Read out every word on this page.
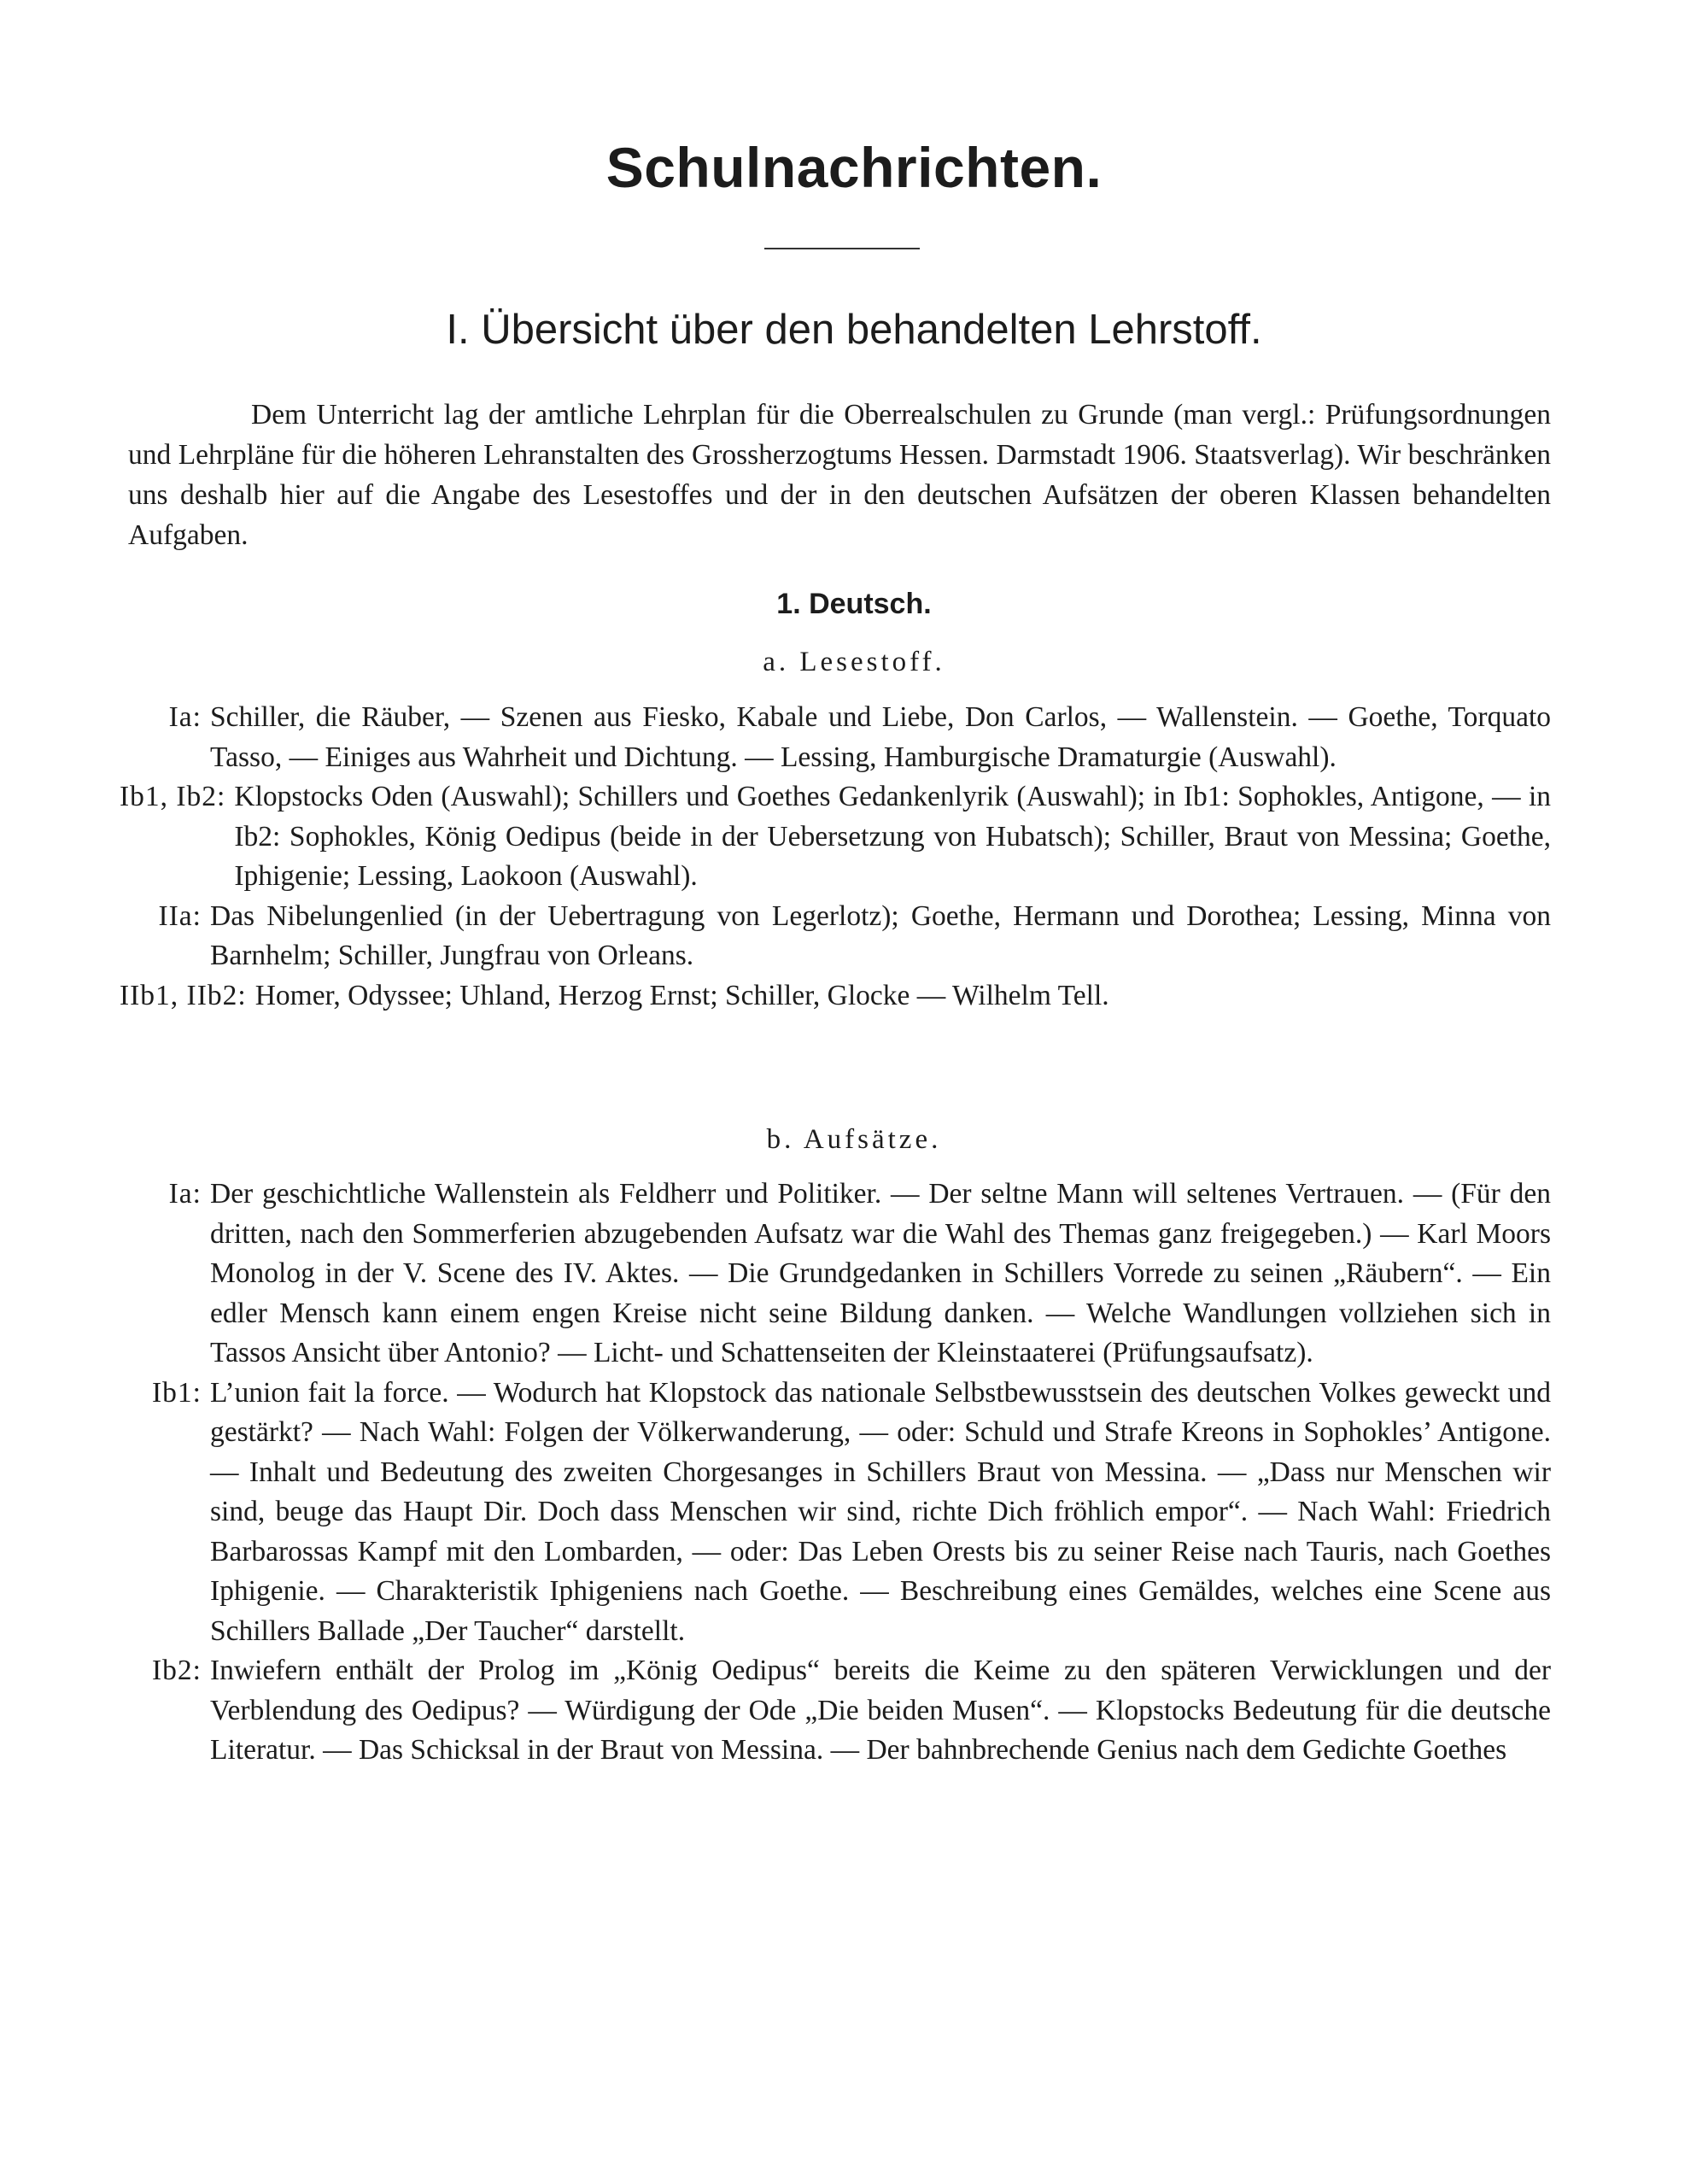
Schulnachrichten.
I. Übersicht über den behandelten Lehrstoff.

Dem Unterricht lag der amtliche Lehrplan für die Oberrealschulen zu Grunde (man vergl.: Prüfungsordnungen und Lehrpläne für die höheren Lehranstalten des Grossherzogtums Hessen. Darmstadt 1906. Staatsverlag). Wir beschränken uns deshalb hier auf die Angabe des Lesestoffes und der in den deutschen Aufsätzen der oberen Klassen behandelten Aufgaben.

1. Deutsch.

a. Lesestoff.

Ia: Schiller, die Räuber, — Szenen aus Fiesko, Kabale und Liebe, Don Carlos, — Wallenstein. — Goethe, Torquato Tasso, — Einiges aus Wahrheit und Dichtung. — Lessing, Hamburgische Dramaturgie (Auswahl).
Ib1, Ib2: Klopstocks Oden (Auswahl); Schillers und Goethes Gedankenlyrik (Auswahl); in Ib1: Sophokles, Antigone, — in Ib2: Sophokles, König Oedipus (beide in der Uebersetzung von Hubatsch); Schiller, Braut von Messina; Goethe, Iphigenie; Lessing, Laokoon (Auswahl).
IIa: Das Nibelungenlied (in der Uebertragung von Legerlotz); Goethe, Hermann und Dorothea; Lessing, Minna von Barnhelm; Schiller, Jungfrau von Orleans.
IIb1, IIb2: Homer, Odyssee; Uhland, Herzog Ernst; Schiller, Glocke — Wilhelm Tell.

b. Aufsätze.

Ia: Der geschichtliche Wallenstein als Feldherr und Politiker. — Der seltne Mann will seltenes Vertrauen. — (Für den dritten, nach den Sommerferien abzugebenden Aufsatz war die Wahl des Themas ganz freigegeben.) — Karl Moors Monolog in der V. Scene des IV. Aktes. — Die Grundgedanken in Schillers Vorrede zu seinen „Räubern“. — Ein edler Mensch kann einem engen Kreise nicht seine Bildung danken. — Welche Wandlungen vollziehen sich in Tassos Ansicht über Antonio? — Licht- und Schattenseiten der Kleinstaaterei (Prüfungsaufsatz).
Ib1: L’union fait la force. — Wodurch hat Klopstock das nationale Selbstbewusstsein des deutschen Volkes geweckt und gestärkt? — Nach Wahl: Folgen der Völkerwanderung, — oder: Schuld und Strafe Kreons in Sophokles’ Antigone. — Inhalt und Bedeutung des zweiten Chorgesanges in Schillers Braut von Messina. — „Dass nur Menschen wir sind, beuge das Haupt Dir. Doch dass Menschen wir sind, richte Dich fröhlich empor“. — Nach Wahl: Friedrich Barbarossas Kampf mit den Lombarden, — oder: Das Leben Orests bis zu seiner Reise nach Tauris, nach Goethes Iphigenie. — Charakteristik Iphigeniens nach Goethe. — Beschreibung eines Gemäldes, welches eine Scene aus Schillers Ballade „Der Taucher“ darstellt.
Ib2: Inwiefern enthält der Prolog im „König Oedipus“ bereits die Keime zu den späteren Verwicklungen und der Verblendung des Oedipus? — Würdigung der Ode „Die beiden Musen“. — Klopstocks Bedeutung für die deutsche Literatur. — Das Schicksal in der Braut von Messina. — Der bahnbrechende Genius nach dem Gedichte Goethes
